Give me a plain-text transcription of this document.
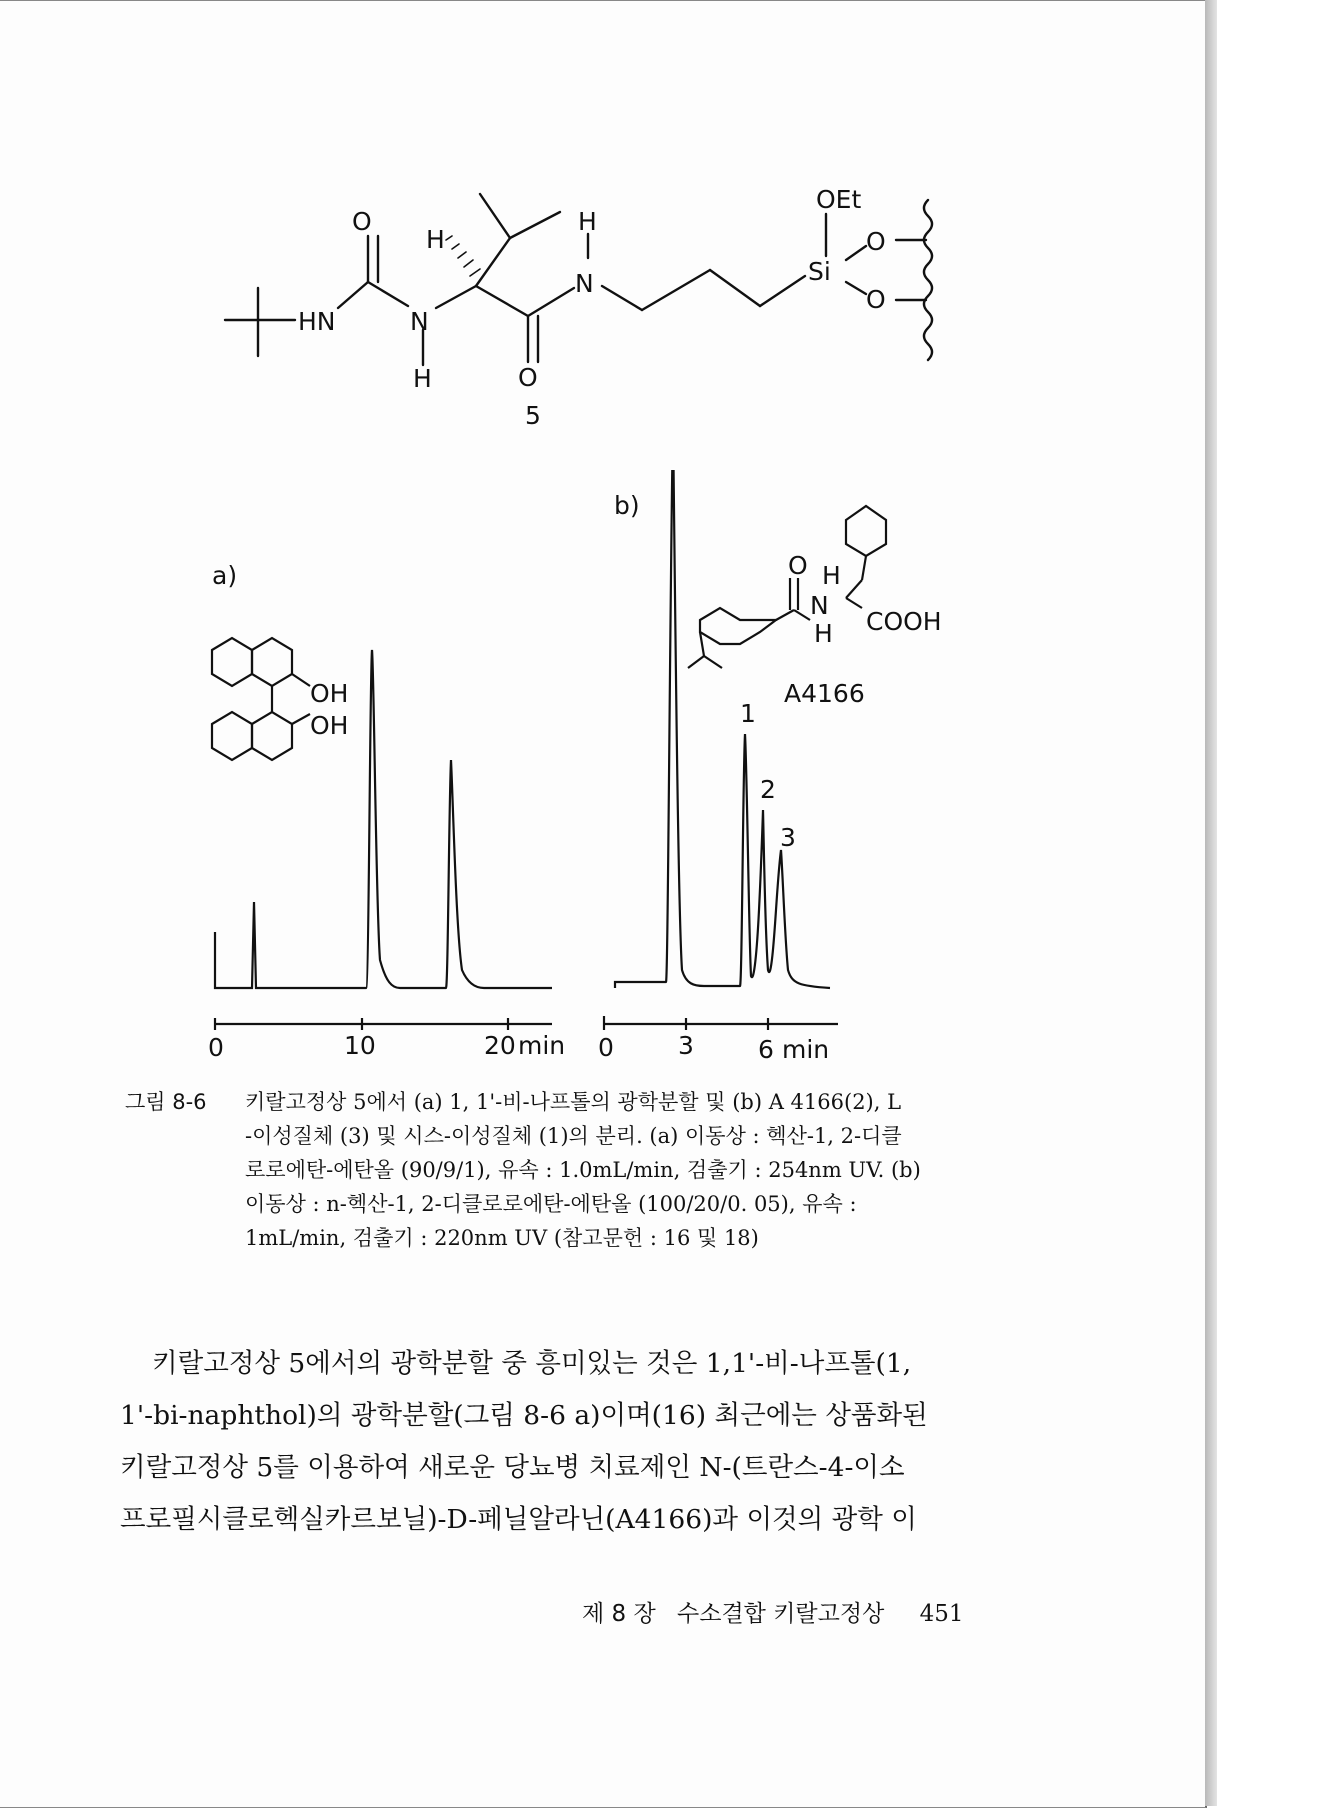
O
H
H
OEt
HN	N
N	Si
O
O
H	O
5
a)
OH
OH
0	10	20 min
b)
O H
N
H COOH
A4166
1
2
3
0	3	6 min
그림 8-6 키랄고정상 5에서 (a) 1, 1'-비-나프톨의 광학분할 및 (b) A 4166(2), L
-이성질체 (3) 및 시스-이성질체 (1)의 분리. (a) 이동상 : 헥산-1, 2-디클
로로에탄-에탄올 (90/9/1), 유속 : 1.0mL/min, 검출기 : 254nm UV. (b)
이동상 : n-헥산-1, 2-디클로로에탄-에탄올 (100/20/0. 05), 유속 :
1mL/min, 검출기 : 220nm UV (참고문헌 : 16 및 18)
키랄고정상 5에서의 광학분할 중 흥미있는 것은 1,1'-비-나프톨(1,
1'-bi-naphthol)의 광학분할(그림 8-6 a)이며(16) 최근에는 상품화된
키랄고정상 5를 이용하여 새로운 당뇨병 치료제인 N-(트란스-4-이소
프로필시클로헥실카르보닐)-D-페닐알라닌(A4166)과 이것의 광학 이
제 8 장 수소결합 키랄고정상 451
